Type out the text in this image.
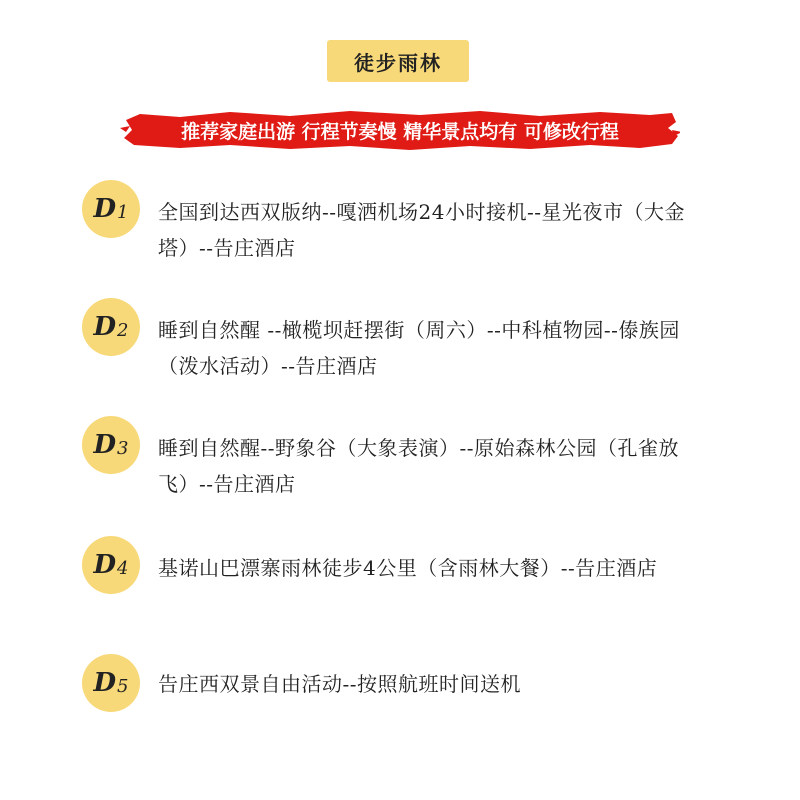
徒步雨林
推荐家庭出游 行程节奏慢 精华景点均有 可修改行程
D 1 全国到达西双版纳--嘎洒机场24小时接机--星光夜市（大金塔）--告庄酒店
D 2 睡到自然醒 --橄榄坝赶摆街（周六）--中科植物园--傣族园（泼水活动）--告庄酒店
D 3 睡到自然醒--野象谷（大象表演）--原始森林公园（孔雀放飞）--告庄酒店
D 4 基诺山巴漂寨雨林徒步4公里（含雨林大餐）--告庄酒店
D 5 告庄西双景自由活动--按照航班时间送机
